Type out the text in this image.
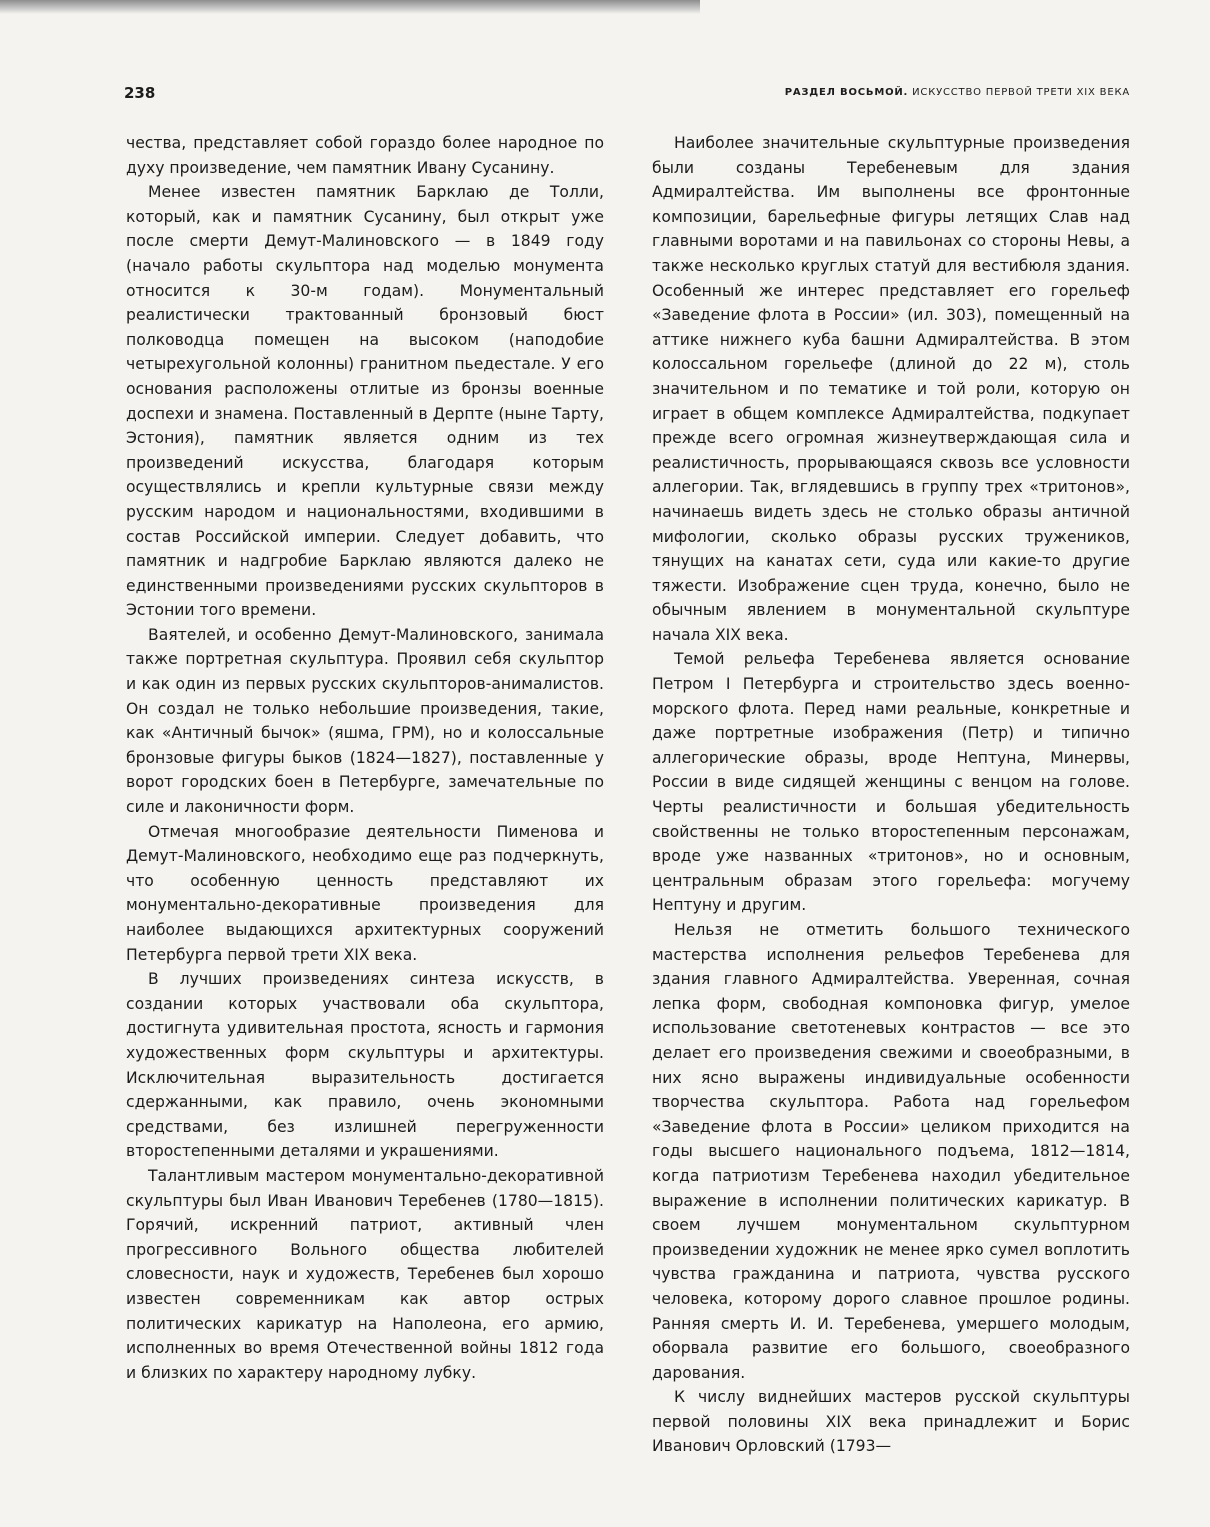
238	РАЗДЕЛ ВОСЬМОЙ. ИСКУССТВО ПЕРВОЙ ТРЕТИ XIX ВЕКА

чества, представляет собой гораздо более народное по духу произведение, чем памятник Ивану Сусанину.

Менее известен памятник Барклаю де Толли, который, как и памятник Сусанину, был открыт уже после смерти Демут-Малиновского — в 1849 году (начало работы скульптора над моделью монумента относится к 30-м годам). Монументальный реалистически трактованный бронзовый бюст полководца помещен на высоком (наподобие четырехугольной колонны) гранитном пьедестале. У его основания расположены отлитые из бронзы военные доспехи и знамена. Поставленный в Дерпте (ныне Тарту, Эстония), памятник является одним из тех произведений искусства, благодаря которым осуществлялись и крепли культурные связи между русским народом и национальностями, входившими в состав Российской империи. Следует добавить, что памятник и надгробие Барклаю являются далеко не единственными произведениями русских скульпторов в Эстонии того времени.

Ваятелей, и особенно Демут-Малиновского, занимала также портретная скульптура. Проявил себя скульптор и как один из первых русских скульпторов-анималистов. Он создал не только небольшие произведения, такие, как «Античный бычок» (яшма, ГРМ), но и колоссальные бронзовые фигуры быков (1824—1827), поставленные у ворот городских боен в Петербурге, замечательные по силе и лаконичности форм.

Отмечая многообразие деятельности Пименова и Демут-Малиновского, необходимо еще раз подчеркнуть, что особенную ценность представляют их монументально-декоративные произведения для наиболее выдающихся архитектурных сооружений Петербурга первой трети XIX века.

В лучших произведениях синтеза искусств, в создании которых участвовали оба скульптора, достигнута удивительная простота, ясность и гармония художественных форм скульптуры и архитектуры. Исключительная выразительность достигается сдержанными, как правило, очень экономными средствами, без излишней перегруженности второстепенными деталями и украшениями.

Талантливым мастером монументально-декоративной скульптуры был Иван Иванович Теребенев (1780—1815). Горячий, искренний патриот, активный член прогрессивного Вольного общества любителей словесности, наук и художеств, Теребенев был хорошо известен современникам как автор острых политических карикатур на Наполеона, его армию, исполненных во время Отечественной войны 1812 года и близких по характеру народному лубку.

Наиболее значительные скульптурные произведения были созданы Теребеневым для здания Адмиралтейства. Им выполнены все фронтонные композиции, барельефные фигуры летящих Слав над главными воротами и на павильонах со стороны Невы, а также несколько круглых статуй для вестибюля здания. Особенный же интерес представляет его горельеф «Заведение флота в России» (ил. 303), помещенный на аттике нижнего куба башни Адмиралтейства. В этом колоссальном горельефе (длиной до 22 м), столь значительном и по тематике и той роли, которую он играет в общем комплексе Адмиралтейства, подкупает прежде всего огромная жизнеутверждающая сила и реалистичность, прорывающаяся сквозь все условности аллегории. Так, вглядевшись в группу трех «тритонов», начинаешь видеть здесь не столько образы античной мифологии, сколько образы русских тружеников, тянущих на канатах сети, суда или какие-то другие тяжести. Изображение сцен труда, конечно, было не обычным явлением в монументальной скульптуре начала XIX века.

Темой рельефа Теребенева является основание Петром I Петербурга и строительство здесь военно-морского флота. Перед нами реальные, конкретные и даже портретные изображения (Петр) и типично аллегорические образы, вроде Нептуна, Минервы, России в виде сидящей женщины с венцом на голове. Черты реалистичности и большая убедительность свойственны не только второстепенным персонажам, вроде уже названных «тритонов», но и основным, центральным образам этого горельефа: могучему Нептуну и другим.

Нельзя не отметить большого технического мастерства исполнения рельефов Теребенева для здания главного Адмиралтейства. Уверенная, сочная лепка форм, свободная компоновка фигур, умелое использование светотеневых контрастов — все это делает его произведения свежими и своеобразными, в них ясно выражены индивидуальные особенности творчества скульптора. Работа над горельефом «Заведение флота в России» целиком приходится на годы высшего национального подъема, 1812—1814, когда патриотизм Теребенева находил убедительное выражение в исполнении политических карикатур. В своем лучшем монументальном скульптурном произведении художник не менее ярко сумел воплотить чувства гражданина и патриота, чувства русского человека, которому дорого славное прошлое родины. Ранняя смерть И. И. Теребенева, умершего молодым, оборвала развитие его большого, своеобразного дарования.

К числу виднейших мастеров русской скульптуры первой половины XIX века принадлежит и Борис Иванович Орловский (1793—
